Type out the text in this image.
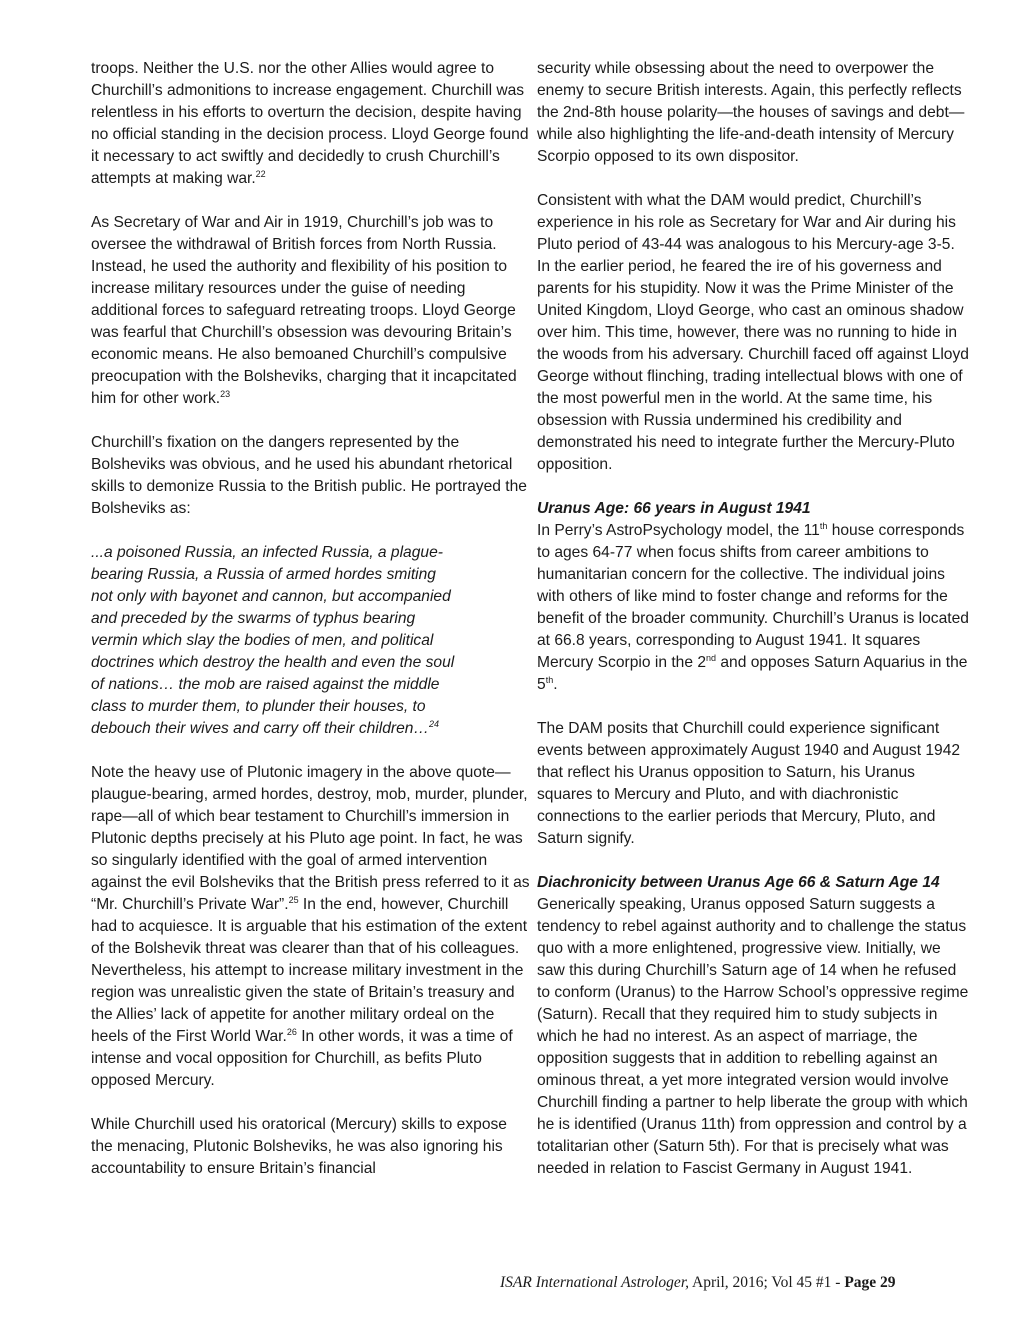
troops. Neither the U.S. nor the other Allies would agree to Churchill’s admonitions to increase engagement. Churchill was relentless in his efforts to overturn the decision, despite having no official standing in the decision process. Lloyd George found it necessary to act swiftly and decidedly to crush Churchill’s attempts at making war.$^{22}$

As Secretary of War and Air in 1919, Churchill’s job was to oversee the withdrawal of British forces from North Russia. Instead, he used the authority and flexibility of his position to increase military resources under the guise of needing additional forces to safeguard retreating troops. Lloyd George was fearful that Churchill’s obsession was devouring Britain’s economic means. He also bemoaned Churchill’s compulsive preocupation with the Bolsheviks, charging that it incapcitated him for other work.$^{23}$

Churchill’s fixation on the dangers represented by the Bolsheviks was obvious, and he used his abundant rhetorical skills to demonize Russia to the British public. He portrayed the Bolsheviks as:

...a poisoned Russia, an infected Russia, a plague-bearing Russia, a Russia of armed hordes smiting not only with bayonet and cannon, but accompanied and preceded by the swarms of typhus bearing vermin which slay the bodies of men, and political doctrines which destroy the health and even the soul of nations… the mob are raised against the middle class to murder them, to plunder their houses, to debouch their wives and carry off their children…$^{24}$

Note the heavy use of Plutonic imagery in the above quote—plaugue-bearing, armed hordes, destroy, mob, murder, plunder, rape—all of which bear testament to Churchill’s immersion in Plutonic depths precisely at his Pluto age point. In fact, he was so singularly identified with the goal of armed intervention against the evil Bolsheviks that the British press referred to it as “Mr. Churchill’s Private War”.$^{25}$ In the end, however, Churchill had to acquiesce. It is arguable that his estimation of the extent of the Bolshevik threat was clearer than that of his colleagues. Nevertheless, his attempt to increase military investment in the region was unrealistic given the state of Britain’s treasury and the Allies’ lack of appetite for another military ordeal on the heels of the First World War.$^{26}$ In other words, it was a time of intense and vocal opposition for Churchill, as befits Pluto opposed Mercury.

While Churchill used his oratorical (Mercury) skills to expose the menacing, Plutonic Bolsheviks, he was also ignoring his accountability to ensure Britain’s financial

security while obsessing about the need to overpower the enemy to secure British interests. Again, this perfectly reflects the 2nd-8th house polarity—the houses of savings and debt—while also highlighting the life-and-death intensity of Mercury Scorpio opposed to its own dispositor.

Consistent with what the DAM would predict, Churchill’s experience in his role as Secretary for War and Air during his Pluto period of 43-44 was analogous to his Mercury-age 3-5. In the earlier period, he feared the ire of his governess and parents for his stupidity. Now it was the Prime Minister of the United Kingdom, Lloyd George, who cast an ominous shadow over him. This time, however, there was no running to hide in the woods from his adversary. Churchill faced off against Lloyd George without flinching, trading intellectual blows with one of the most powerful men in the world. At the same time, his obsession with Russia undermined his credibility and demonstrated his need to integrate further the Mercury-Pluto opposition.

Uranus Age: 66 years in August 1941
In Perry’s AstroPsychology model, the 11th house corresponds to ages 64-77 when focus shifts from career ambitions to humanitarian concern for the collective. The individual joins with others of like mind to foster change and reforms for the benefit of the broader community. Churchill’s Uranus is located at 66.8 years, corresponding to August 1941. It squares Mercury Scorpio in the 2nd and opposes Saturn Aquarius in the 5th.

The DAM posits that Churchill could experience significant events between approximately August 1940 and August 1942 that reflect his Uranus opposition to Saturn, his Uranus squares to Mercury and Pluto, and with diachronistic connections to the earlier periods that Mercury, Pluto, and Saturn signify.

Diachronicity between Uranus Age 66 & Saturn Age 14
Generically speaking, Uranus opposed Saturn suggests a tendency to rebel against authority and to challenge the status quo with a more enlightened, progressive view. Initially, we saw this during Churchill’s Saturn age of 14 when he refused to conform (Uranus) to the Harrow School’s oppressive regime (Saturn). Recall that they required him to study subjects in which he had no interest. As an aspect of marriage, the opposition suggests that in addition to rebelling against an ominous threat, a yet more integrated version would involve Churchill finding a partner to help liberate the group with which he is identified (Uranus 11th) from oppression and control by a totalitarian other (Saturn 5th). For that is precisely what was needed in relation to Fascist Germany in August 1941.

ISAR International Astrologer, April, 2016; Vol 45 #1 - Page 29
